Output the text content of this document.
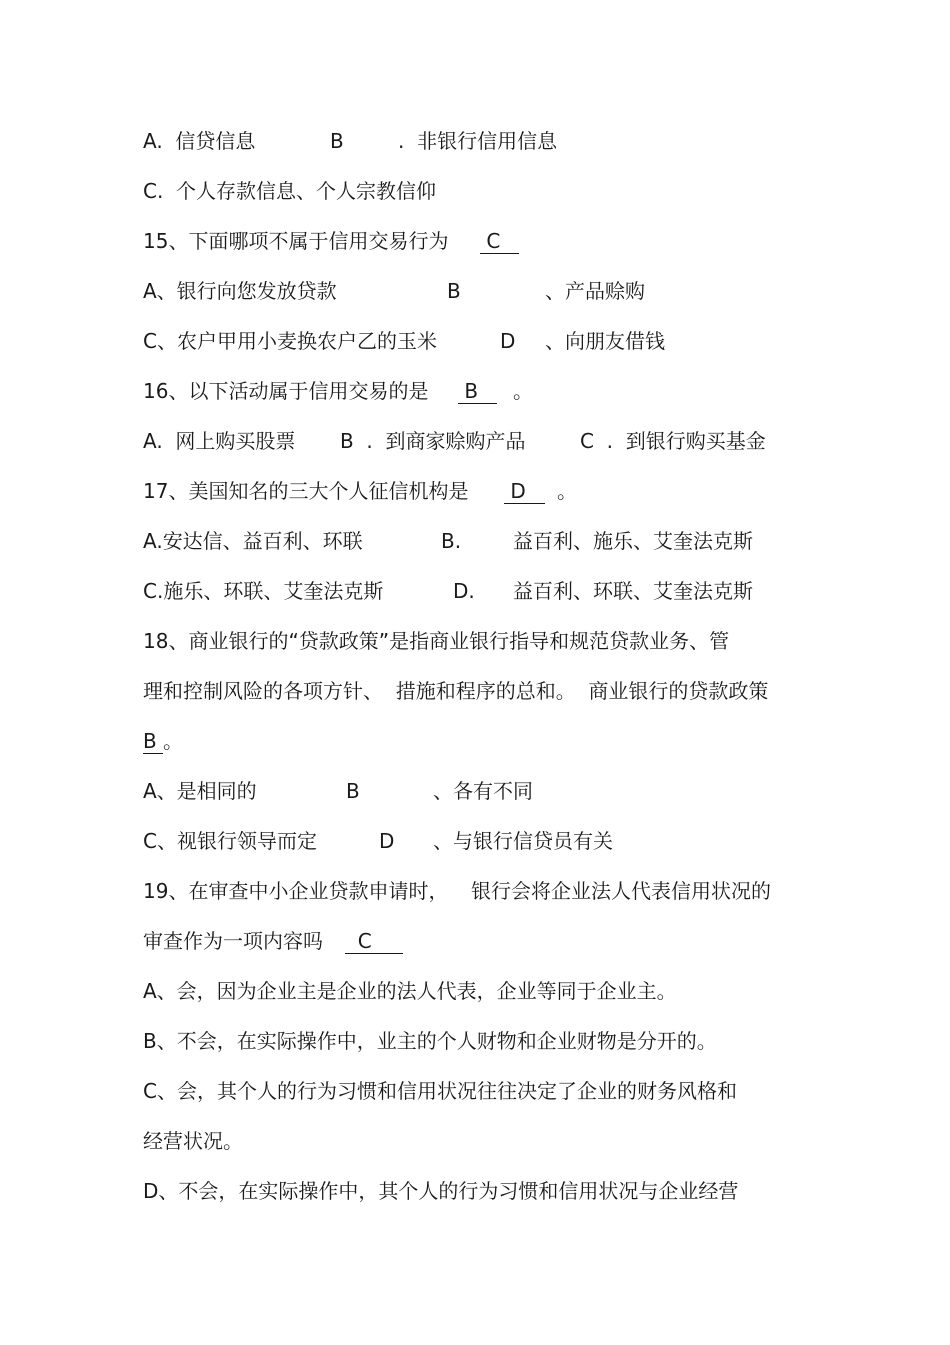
A.  信贷信息	B	.  非银行信用信息
C.  个人存款信息、个人宗教信仰
15、下面哪项不属于信用交易行为 C
A、银行向您发放贷款	B	、产品赊购
C、农户甲用小麦换农户乙的玉米	D 、向朋友借钱
16、以下活动属于信用交易的是 B 。
A.  网上购买股票 B  .  到商家赊购产品	C  .  到银行购买基金
17、美国知名的三大个人征信机构是 D 。
A.安达信、益百利、环联	B.	益百利、施乐、艾奎法克斯
C.施乐、环联、艾奎法克斯	D. 益百利、环联、艾奎法克斯
18、商业银行的“贷款政策”是指商业银行指导和规范贷款业务、管
理和控制风险的各项方针、  措施和程序的总和。  商业银行的贷款政策
B 。
A、是相同的	B	、各有不同
C、视银行领导而定	D 、与银行信贷员有关
19、在审查中小企业贷款申请时， 银行会将企业法人代表信用状况的
审查作为一项内容吗 C
A、会，因为企业主是企业的法人代表，企业等同于企业主。
B、不会，在实际操作中，业主的个人财物和企业财物是分开的。
C、会，其个人的行为习惯和信用状况往往决定了企业的财务风格和
经营状况。
D、不会，在实际操作中，其个人的行为习惯和信用状况与企业经营
